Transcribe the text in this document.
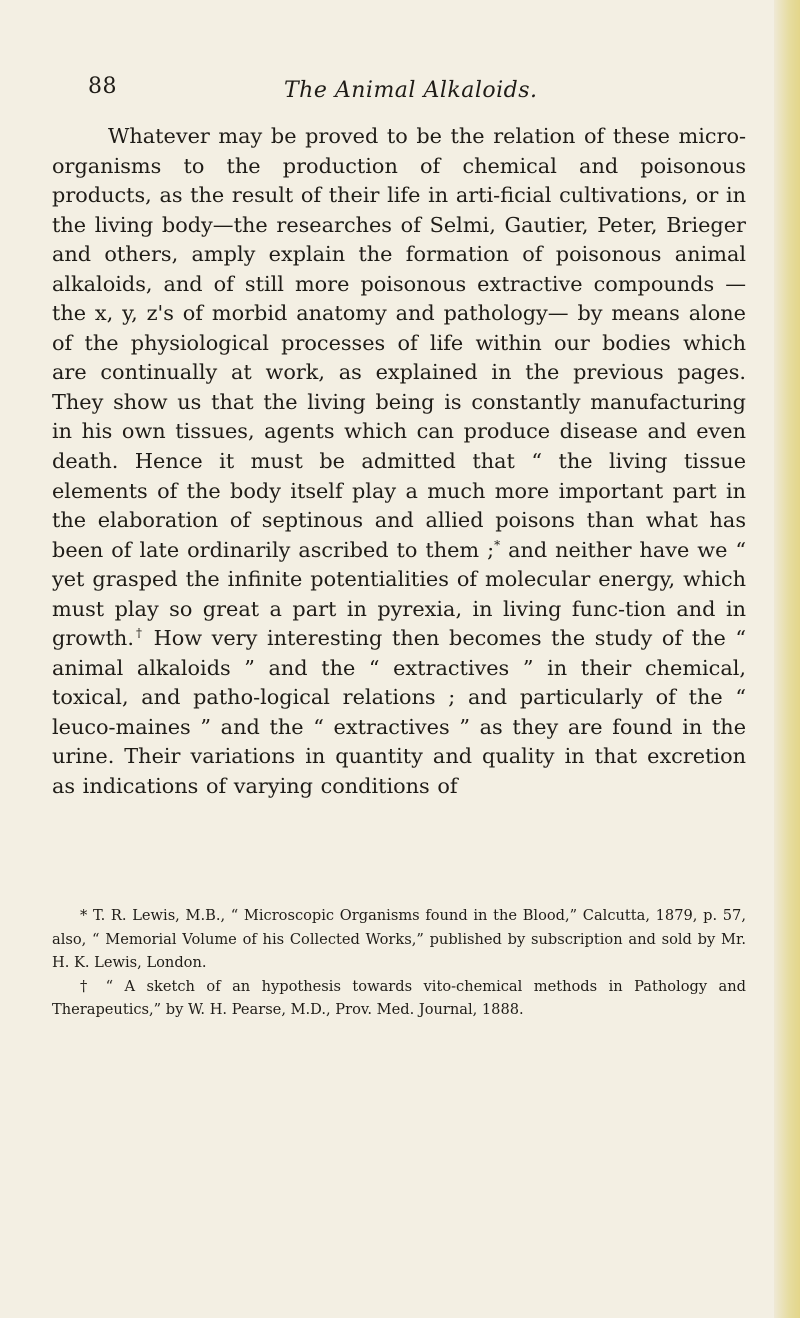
88	The Animal Alkaloids.

Whatever may be proved to be the relation of these micro-organisms to the production of chemical and poisonous products, as the result of their life in arti-ficial cultivations, or in the living body—the researches of Selmi, Gautier, Peter, Brieger and others, amply explain the formation of poisonous animal alkaloids, and of still more poisonous extractive compounds —the x, y, z's of morbid anatomy and pathology— by means alone of the physiological processes of life within our bodies which are continually at work, as explained in the previous pages. They show us that the living being is constantly manufacturing in his own tissues, agents which can produce disease and even death. Hence it must be admitted that “ the living tissue elements of the body itself play a much more important part in the elaboration of septinous and allied poisons than what has been of late ordinarily ascribed to them ;* and neither have we “ yet grasped the infinite potentialities of molecular energy, which must play so great a part in pyrexia, in living func-tion and in growth.† How very interesting then becomes the study of the “ animal alkaloids ” and the “ extractives ” in their chemical, toxical, and patho-logical relations ; and particularly of the “ leuco-maines ” and the “ extractives ” as they are found in the urine. Their variations in quantity and quality in that excretion as indications of varying conditions of

* T. R. Lewis, M.B., “ Microscopic Organisms found in the Blood,” Calcutta, 1879, p. 57, also, “ Memorial Volume of his Collected Works,” published by subscription and sold by Mr. H. K. Lewis, London.

† “ A sketch of an hypothesis towards vito-chemical methods in Pathology and Therapeutics,” by W. H. Pearse, M.D., Prov. Med. Journal, 1888.
